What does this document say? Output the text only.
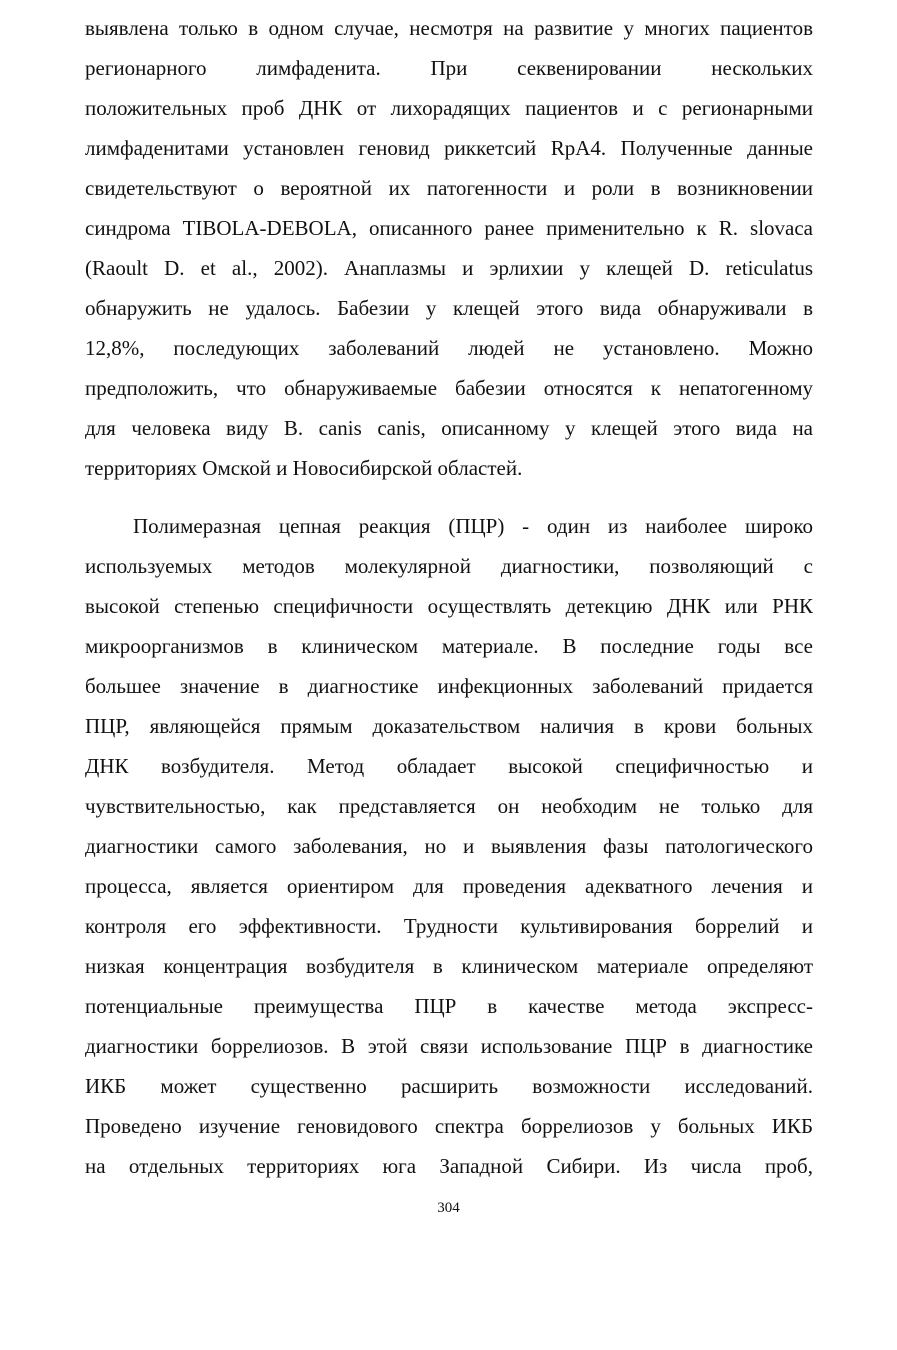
выявлена только в одном случае, несмотря на развитие у многих пациентов
регионарного лимфаденита. При секвенировании нескольких
положительных проб ДНК от лихорадящих пациентов и с регионарными
лимфаденитами установлен геновид риккетсий RpA4. Полученные данные
свидетельствуют о вероятной их патогенности и роли в возникновении
синдрома TIBOLA-DEBOLA, описанного ранее применительно к R. slovaca
(Raoult D. et al., 2002). Анаплазмы и эрлихии у клещей D. reticulatus
обнаружить не удалось. Бабезии у клещей этого вида обнаруживали в
12,8%, последующих заболеваний людей не установлено. Можно
предположить, что обнаруживаемые бабезии относятся к непатогенному
для человека виду B. canis canis, описанному у клещей этого вида на
территориях Омской и Новосибирской областей.
Полимеразная цепная реакция (ПЦР) - один из наиболее широко
используемых методов молекулярной диагностики, позволяющий с
высокой степенью специфичности осуществлять детекцию ДНК или РНК
микроорганизмов в клиническом материале. В последние годы все
большее значение в диагностике инфекционных заболеваний придается
ПЦР, являющейся прямым доказательством наличия в крови больных
ДНК возбудителя. Метод обладает высокой специфичностью и
чувствительностью, как представляется он необходим не только для
диагностики самого заболевания, но и выявления фазы патологического
процесса, является ориентиром для проведения адекватного лечения и
контроля его эффективности. Трудности культивирования боррелий и
низкая концентрация возбудителя в клиническом материале определяют
потенциальные преимущества ПЦР в качестве метода экспресс-
диагностики боррелиозов. В этой связи использование ПЦР в диагностике
ИКБ может существенно расширить возможности исследований.
Проведено изучение геновидового спектра боррелиозов у больных ИКБ
на отдельных территориях юга Западной Сибири. Из числа проб,
304
